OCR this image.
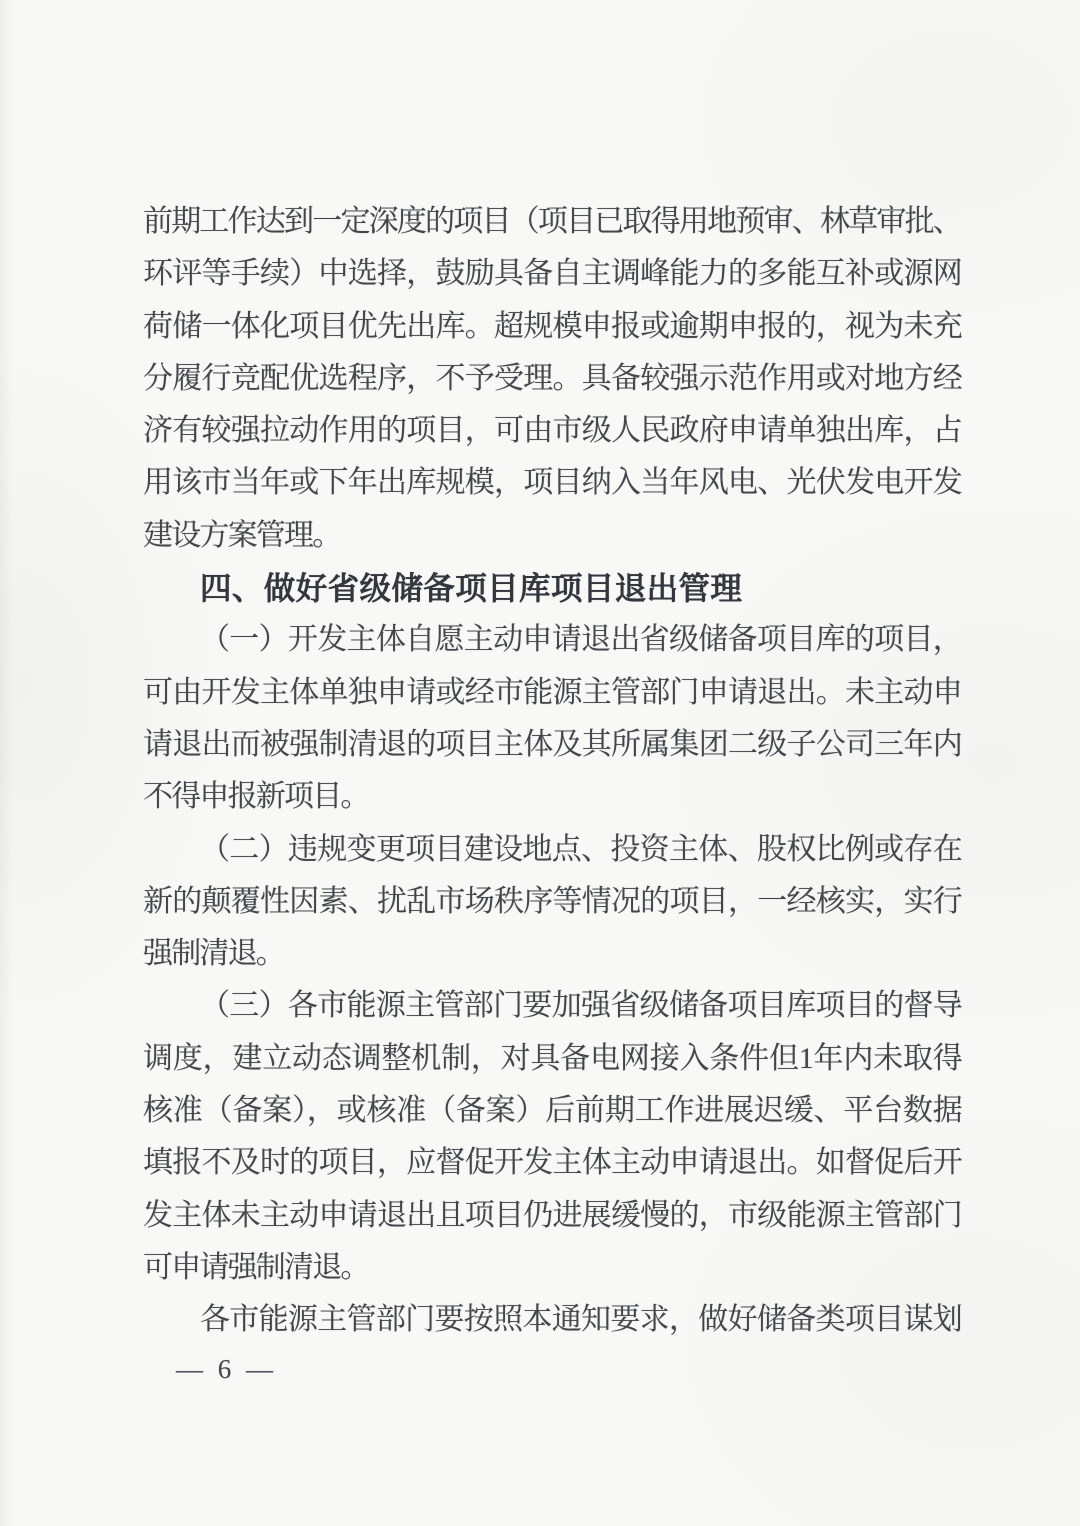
前期工作达到一定深度的项目（项目已取得用地预审、林草审批、
环评等手续）中选择，鼓励具备自主调峰能力的多能互补或源网
荷储一体化项目优先出库。超规模申报或逾期申报的，视为未充
分履行竞配优选程序，不予受理。具备较强示范作用或对地方经
济有较强拉动作用的项目，可由市级人民政府申请单独出库，占
用该市当年或下年出库规模，项目纳入当年风电、光伏发电开发
建设方案管理。
四、做好省级储备项目库项目退出管理
（一）开发主体自愿主动申请退出省级储备项目库的项目，
可由开发主体单独申请或经市能源主管部门申请退出。未主动申
请退出而被强制清退的项目主体及其所属集团二级子公司三年内
不得申报新项目。
（二）违规变更项目建设地点、投资主体、股权比例或存在
新的颠覆性因素、扰乱市场秩序等情况的项目，一经核实，实行
强制清退。
（三）各市能源主管部门要加强省级储备项目库项目的督导
调度，建立动态调整机制，对具备电网接入条件但1年内未取得
核准（备案），或核准（备案）后前期工作进展迟缓、平台数据
填报不及时的项目，应督促开发主体主动申请退出。如督促后开
发主体未主动申请退出且项目仍进展缓慢的，市级能源主管部门
可申请强制清退。
各市能源主管部门要按照本通知要求，做好储备类项目谋划
— 6 —
